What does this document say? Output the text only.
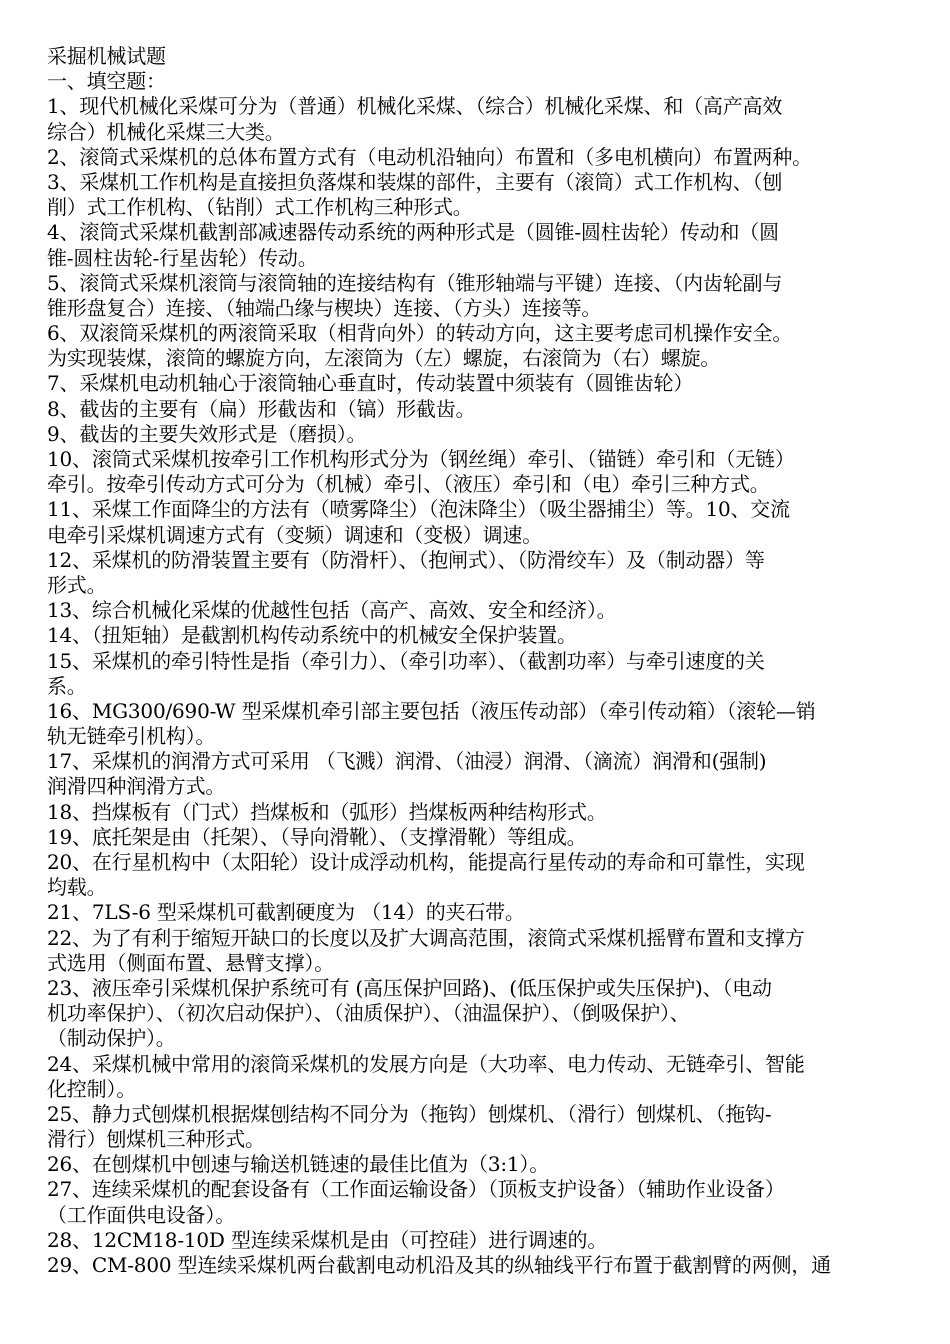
采掘机械试题
一、填空题：
1、现代机械化采煤可分为（普通）机械化采煤、（综合）机械化采煤、和（高产高效
综合）机械化采煤三大类。
2、滚筒式采煤机的总体布置方式有（电动机沿轴向）布置和（多电机横向）布置两种。
3、采煤机工作机构是直接担负落煤和装煤的部件，主要有（滚筒）式工作机构、（刨
削）式工作机构、（钻削）式工作机构三种形式。
4、滚筒式采煤机截割部减速器传动系统的两种形式是（圆锥-圆柱齿轮）传动和（圆
锥-圆柱齿轮-行星齿轮）传动。
5、滚筒式采煤机滚筒与滚筒轴的连接结构有（锥形轴端与平键）连接、（内齿轮副与
锥形盘复合）连接、（轴端凸缘与楔块）连接、（方头）连接等。
6、双滚筒采煤机的两滚筒采取（相背向外）的转动方向，这主要考虑司机操作安全。
为实现装煤，滚筒的螺旋方向，左滚筒为（左）螺旋，右滚筒为（右）螺旋。
7、采煤机电动机轴心于滚筒轴心垂直时，传动装置中须装有（圆锥齿轮）
8、截齿的主要有（扁）形截齿和（镐）形截齿。
9、截齿的主要失效形式是（磨损）。
10、滚筒式采煤机按牵引工作机构形式分为（钢丝绳）牵引、（锚链）牵引和（无链）
牵引。按牵引传动方式可分为（机械）牵引、（液压）牵引和（电）牵引三种方式。
11、采煤工作面降尘的方法有（喷雾降尘）（泡沫降尘）（吸尘器捕尘）等。10、交流
电牵引采煤机调速方式有（变频）调速和（变极）调速。
12、采煤机的防滑装置主要有（防滑杆）、（抱闸式）、（防滑绞车）及（制动器）等
形式。
13、综合机械化采煤的优越性包括（高产、高效、安全和经济）。
14、（扭矩轴）是截割机构传动系统中的机械安全保护装置。
15、采煤机的牵引特性是指（牵引力）、（牵引功率）、（截割功率）与牵引速度的关
系。
16、MG300/690-W 型采煤机牵引部主要包括（液压传动部）（牵引传动箱）（滚轮—销
轨无链牵引机构）。
17、采煤机的润滑方式可采用 （飞溅）润滑、（油浸）润滑、（滴流）润滑和(强制)
润滑四种润滑方式。
18、挡煤板有（门式）挡煤板和（弧形）挡煤板两种结构形式。
19、底托架是由（托架）、（导向滑靴）、（支撑滑靴）等组成。
20、在行星机构中（太阳轮）设计成浮动机构，能提高行星传动的寿命和可靠性，实现
均载。
21、7LS-6 型采煤机可截割硬度为 （14）的夹石带。
22、为了有利于缩短开缺口的长度以及扩大调高范围，滚筒式采煤机摇臂布置和支撑方
式选用（侧面布置、悬臂支撑）。
23、液压牵引采煤机保护系统可有 (高压保护回路)、(低压保护或失压保护)、（电动
机功率保护）、（初次启动保护）、（油质保护）、（油温保护）、（倒吸保护）、
（制动保护）。
24、采煤机械中常用的滚筒采煤机的发展方向是（大功率、电力传动、无链牵引、智能
化控制）。
25、静力式刨煤机根据煤刨结构不同分为（拖钩）刨煤机、（滑行）刨煤机、（拖钩-
滑行）刨煤机三种形式。
26、在刨煤机中刨速与输送机链速的最佳比值为（3:1）。
27、连续采煤机的配套设备有（工作面运输设备）（顶板支护设备）（辅助作业设备）
（工作面供电设备）。
28、12CM18-10D 型连续采煤机是由（可控硅）进行调速的。
29、CM-800 型连续采煤机两台截割电动机沿及其的纵轴线平行布置于截割臂的两侧，通
